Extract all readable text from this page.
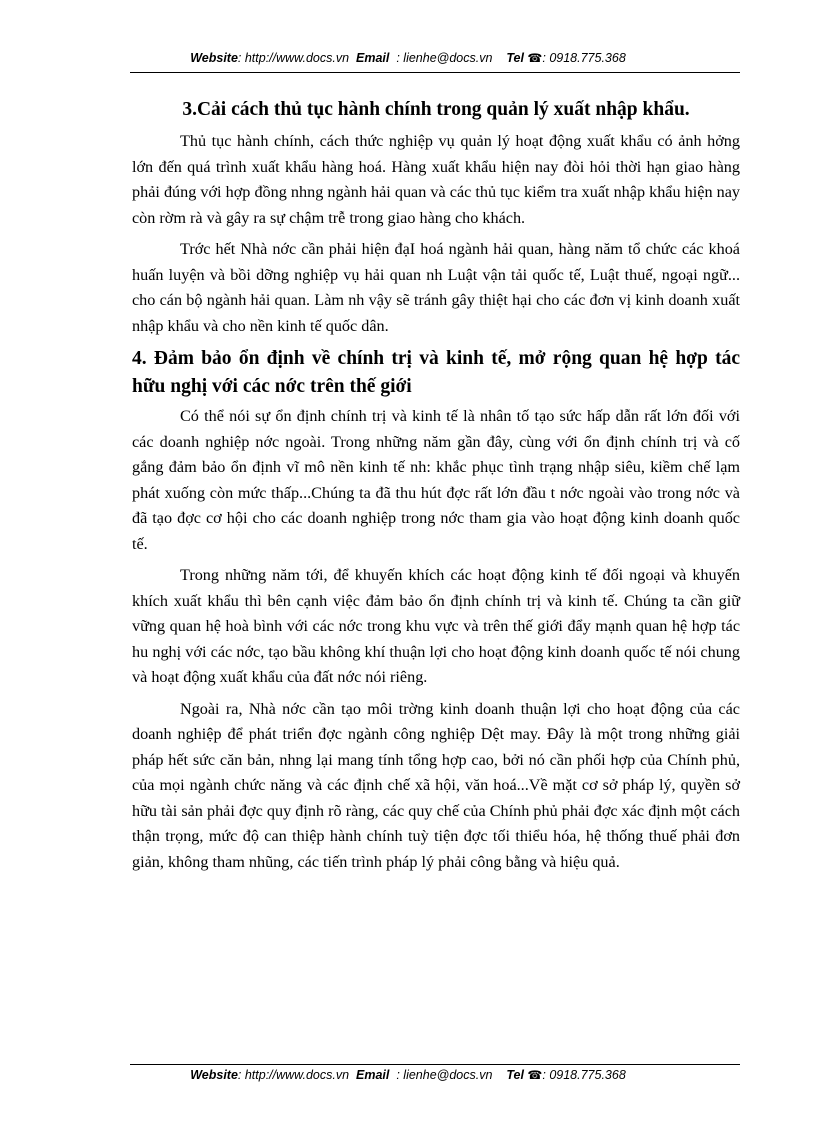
Website: http://www.docs.vn Email : lienhe@docs.vn Tel ☎: 0918.775.368
3.Cải cách thủ tục hành chính trong quản lý xuất nhập khẩu.

Thủ tục hành chính, cách thức nghiệp vụ quản lý hoạt động xuất khẩu có ảnh hởng lớn đến quá trình xuất khẩu hàng hoá. Hàng xuất khẩu hiện nay đòi hỏi thời hạn giao hàng phải đúng với hợp đồng nhng ngành hải quan và các thủ tục kiểm tra xuất nhập khẩu hiện nay còn rờm rà và gây ra sự chậm trễ trong giao hàng cho khách.

Trớc hết Nhà nớc cần phải hiện đạI hoá ngành hải quan, hàng năm tổ chức các khoá huấn luyện và bồi dỡng nghiệp vụ hải quan nh Luật vận tải quốc tế, Luật thuế, ngoại ngữ... cho cán bộ ngành hải quan. Làm nh vậy sẽ tránh gây thiệt hại cho các đơn vị kinh doanh xuất nhập khẩu và cho nền kinh tế quốc dân.

4. Đảm bảo ổn định về chính trị và kinh tế, mở rộng quan hệ hợp tác hữu nghị với các nớc trên thế giới

Có thể nói sự ổn định chính trị và kinh tế là nhân tố tạo sức hấp dẫn rất lớn đối với các doanh nghiệp nớc ngoài. Trong những năm gần đây, cùng với ổn định chính trị và cố gắng đảm bảo ổn định vĩ mô nền kinh tế nh: khắc phục tình trạng nhập siêu, kiềm chế lạm phát xuống còn mức thấp...Chúng ta đã thu hút đợc rất lớn đầu t nớc ngoài vào trong nớc và đã tạo đợc cơ hội cho các doanh nghiệp trong nớc tham gia vào hoạt động kinh doanh quốc tế.

Trong những năm tới, để khuyến khích các hoạt động kinh tế đối ngoại và khuyến khích xuất khẩu thì bên cạnh việc đảm bảo ổn định chính trị và kinh tế. Chúng ta cần giữ vững quan hệ hoà bình với các nớc trong khu vực và trên thế giới đẩy mạnh quan hệ hợp tác hu nghị với các nớc, tạo bầu không khí thuận lợi cho hoạt động kinh doanh quốc tế nói chung và hoạt động xuất khẩu của đất nớc nói riêng.

Ngoài ra, Nhà nớc cần tạo môi trờng kinh doanh thuận lợi cho hoạt động của các doanh nghiệp để phát triển đợc ngành công nghiệp Dệt may. Đây là một trong những giải pháp hết sức căn bản, nhng lại mang tính tổng hợp cao, bởi nó cần phối hợp của Chính phủ, của mọi ngành chức năng và các định chế xã hội, văn hoá...Về mặt cơ sở pháp lý, quyền sở hữu tài sản phải đợc quy định rõ ràng, các quy chế của Chính phủ phải đợc xác định một cách thận trọng, mức độ can thiệp hành chính tuỳ tiện đợc tối thiểu hóa, hệ thống thuế phải đơn giản, không tham nhũng, các tiến trình pháp lý phải công bằng và hiệu quả.

Website: http://www.docs.vn Email : lienhe@docs.vn Tel ☎: 0918.775.368
